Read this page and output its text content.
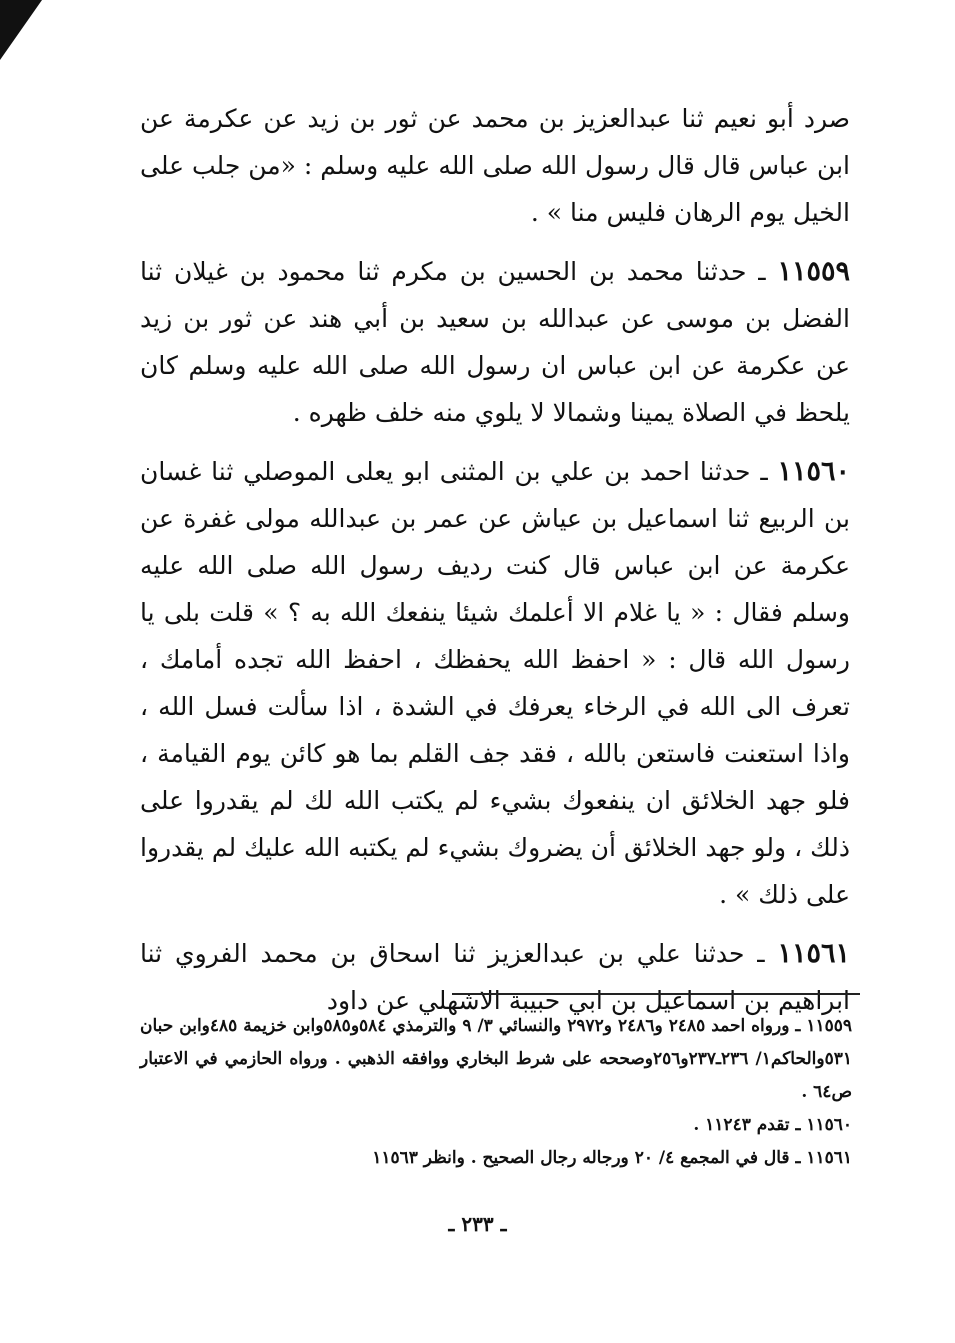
صرد أبو نعيم ثنا عبدالعزيز بن محمد عن ثور بن زيد عن عكرمة عن ابن عباس قال قال رسول الله صلى الله عليه وسلم : «من جلب على الخيل يوم الرهان فليس منا » .

١١٥٥٩ ـ حدثنا محمد بن الحسين بن مكرم ثنا محمود بن غيلان ثنا الفضل بن موسى عن عبدالله بن سعيد بن أبي هند عن ثور بن زيد عن عكرمة عن ابن عباس ان رسول الله صلى الله عليه وسلم كان يلحظ في الصلاة يمينا وشمالا لا يلوي منه خلف ظهره .

١١٥٦٠ ـ حدثنا احمد بن علي بن المثنى ابو يعلى الموصلي ثنا غسان بن الربيع ثنا اسماعيل بن عياش عن عمر بن عبدالله مولى غفرة عن عكرمة عن ابن عباس قال كنت رديف رسول الله صلى الله عليه وسلم فقال : « يا غلام الا أعلمك شيئا ينفعك الله به ؟ » قلت بلى يا رسول الله قال : « احفظ الله يحفظك ، احفظ الله تجده أمامك ، تعرف الى الله في الرخاء يعرفك في الشدة ، اذا سألت فسل الله ، واذا استعنت فاستعن بالله ، فقد جف القلم بما هو كائن يوم القيامة ، فلو جهد الخلائق ان ينفعوك بشيء لم يكتب الله لك لم يقدروا على ذلك ، ولو جهد الخلائق أن يضروك بشيء لم يكتبه الله عليك لم يقدروا على ذلك » .

١١٥٦١ ـ حدثنا علي بن عبدالعزيز ثنا اسحاق بن محمد الفروي ثنا ابراهيم بن اسماعيل بن ابي حبيبة الاشهلي عن داود

١١٥٥٩ ـ ورواه احمد ٢٤٨٥ و٢٤٨٦ و٢٩٧٢ والنسائي ٣/ ٩ والترمذي ٥٨٤و٥٨٥وابن خزيمة ٤٨٥وابن حبان ٥٣١والحاكم١/ ٢٣٦ـ٢٣٧و٢٥٦وصححه على شرط البخاري ووافقه الذهبي . ورواه الحازمي في الاعتبار ص٦٤ .

١١٥٦٠ ـ تقدم ١١٢٤٣ .

١١٥٦١ ـ قال في المجمع ٤/ ٢٠ ورجاله رجال الصحيح . وانظر ١١٥٦٣

ـ ٢٣٣ ـ
